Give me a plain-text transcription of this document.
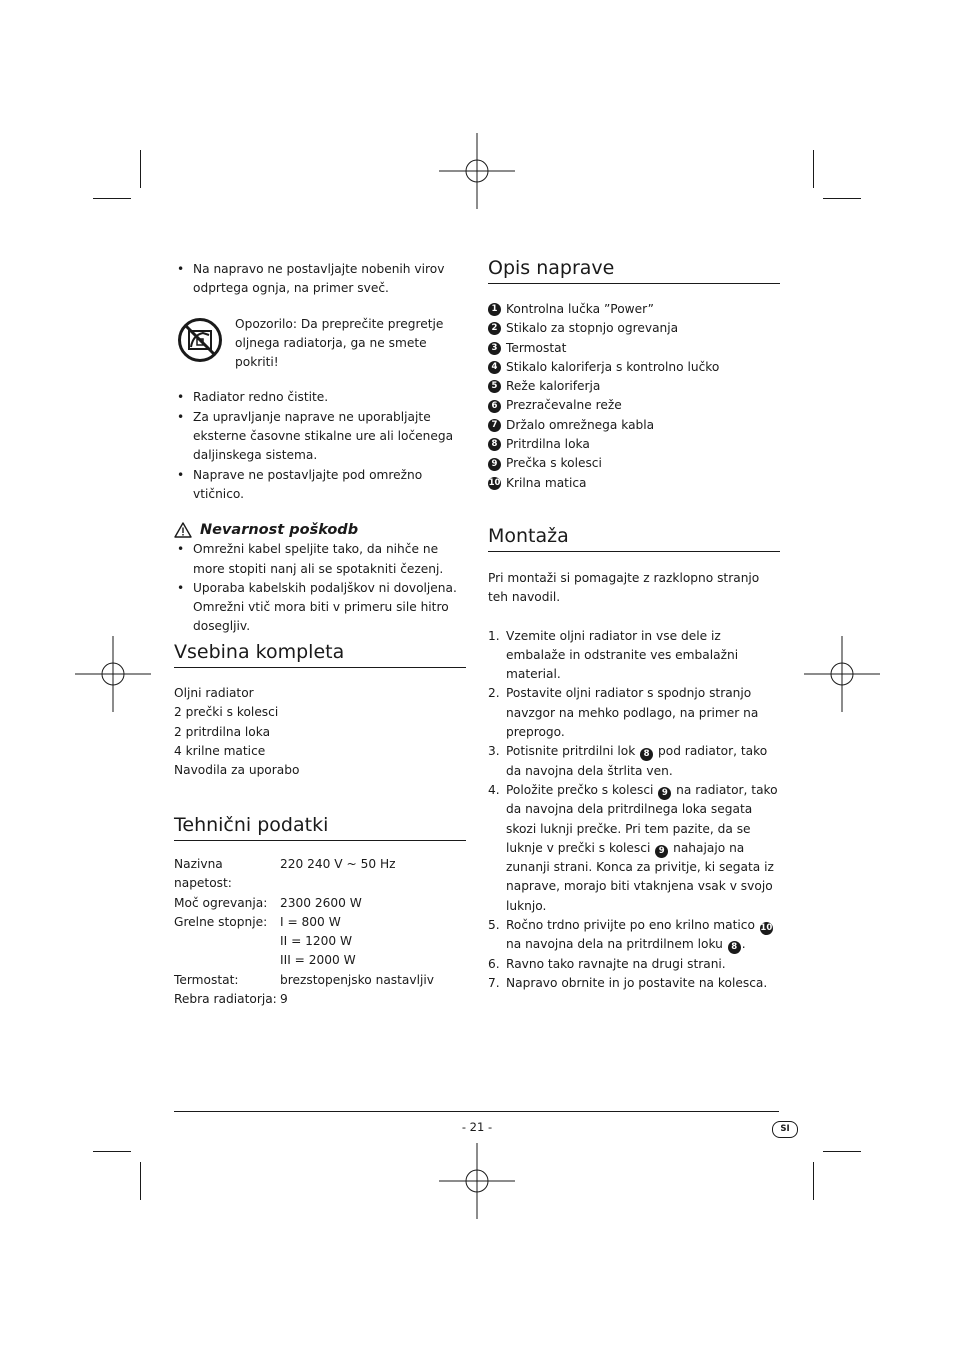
• Na napravo ne postavljajte nobenih virov odprtega ognja, na primer sveč.
Opozorilo: Da preprečite pregretje oljnega radiatorja, ga ne smete pokriti!
• Radiator redno čistite.
• Za upravljanje naprave ne uporabljajte eksterne časovne stikalne ure ali ločenega daljinskega sistema.
• Naprave ne postavljajte pod omrežno vtičnico.
Nevarnost poškodb
• Omrežni kabel speljite tako, da nihče ne more stopiti nanj ali se spotakniti čezenj.
• Uporaba kabelskih podaljškov ni dovoljena. Omrežni vtič mora biti v primeru sile hitro dosegljiv.
Vsebina kompleta

Oljni radiator

2 prečki s kolesci

2 pritrdilna loka

4 krilne matice

Navodila za uporabo

Tehnični podatki
Nazivna napetost:
220 240 V ~ 50 Hz
Moč ogrevanja:	2300 2600 W
Grelne stopnje:	I = 800 W
II = 1200 W
III = 2000 W
Termostat:	brezstopenjsko nastavljiv
Rebra radiatorja: 9
Opis naprave
1 Kontrolna lučka ”Power”
2 Stikalo za stopnjo ogrevanja
3 Termostat
4 Stikalo kaloriferja s kontrolno lučko
5 Reže kaloriferja
6 Prezračevalne reže
7 Držalo omrežnega kabla
8 Pritrdilna loka
9 Prečka s kolesci
10 Krilna matica
Montaža
Pri montaži si pomagajte z razklopno stranjo teh navodil.
1. Vzemite oljni radiator in vse dele iz embalaže in odstranite ves embalažni material.
2. Postavite oljni radiator s spodnjo stranjo navzgor na mehko podlago, na primer na preprogo.
3. Potisnite pritrdilni lok 8 pod radiator, tako da navojna dela štrlita ven.
4. Položite prečko s kolesci 9 na radiator, tako da navojna dela pritrdilnega loka segata skozi luknji prečke. Pri tem pazite, da se luknje v prečki s kolesci 9 nahajajo na zunanji strani. Konca za privitje, ki segata iz naprave, morajo biti vtaknjena vsak v svojo luknjo.
5. Ročno trdno privijte po eno krilno matico 10 na navojna dela na pritrdilnem loku 8 .
6. Ravno tako ravnajte na drugi strani.
7. Napravo obrnite in jo postavite na kolesca.
- 21 -	SI
